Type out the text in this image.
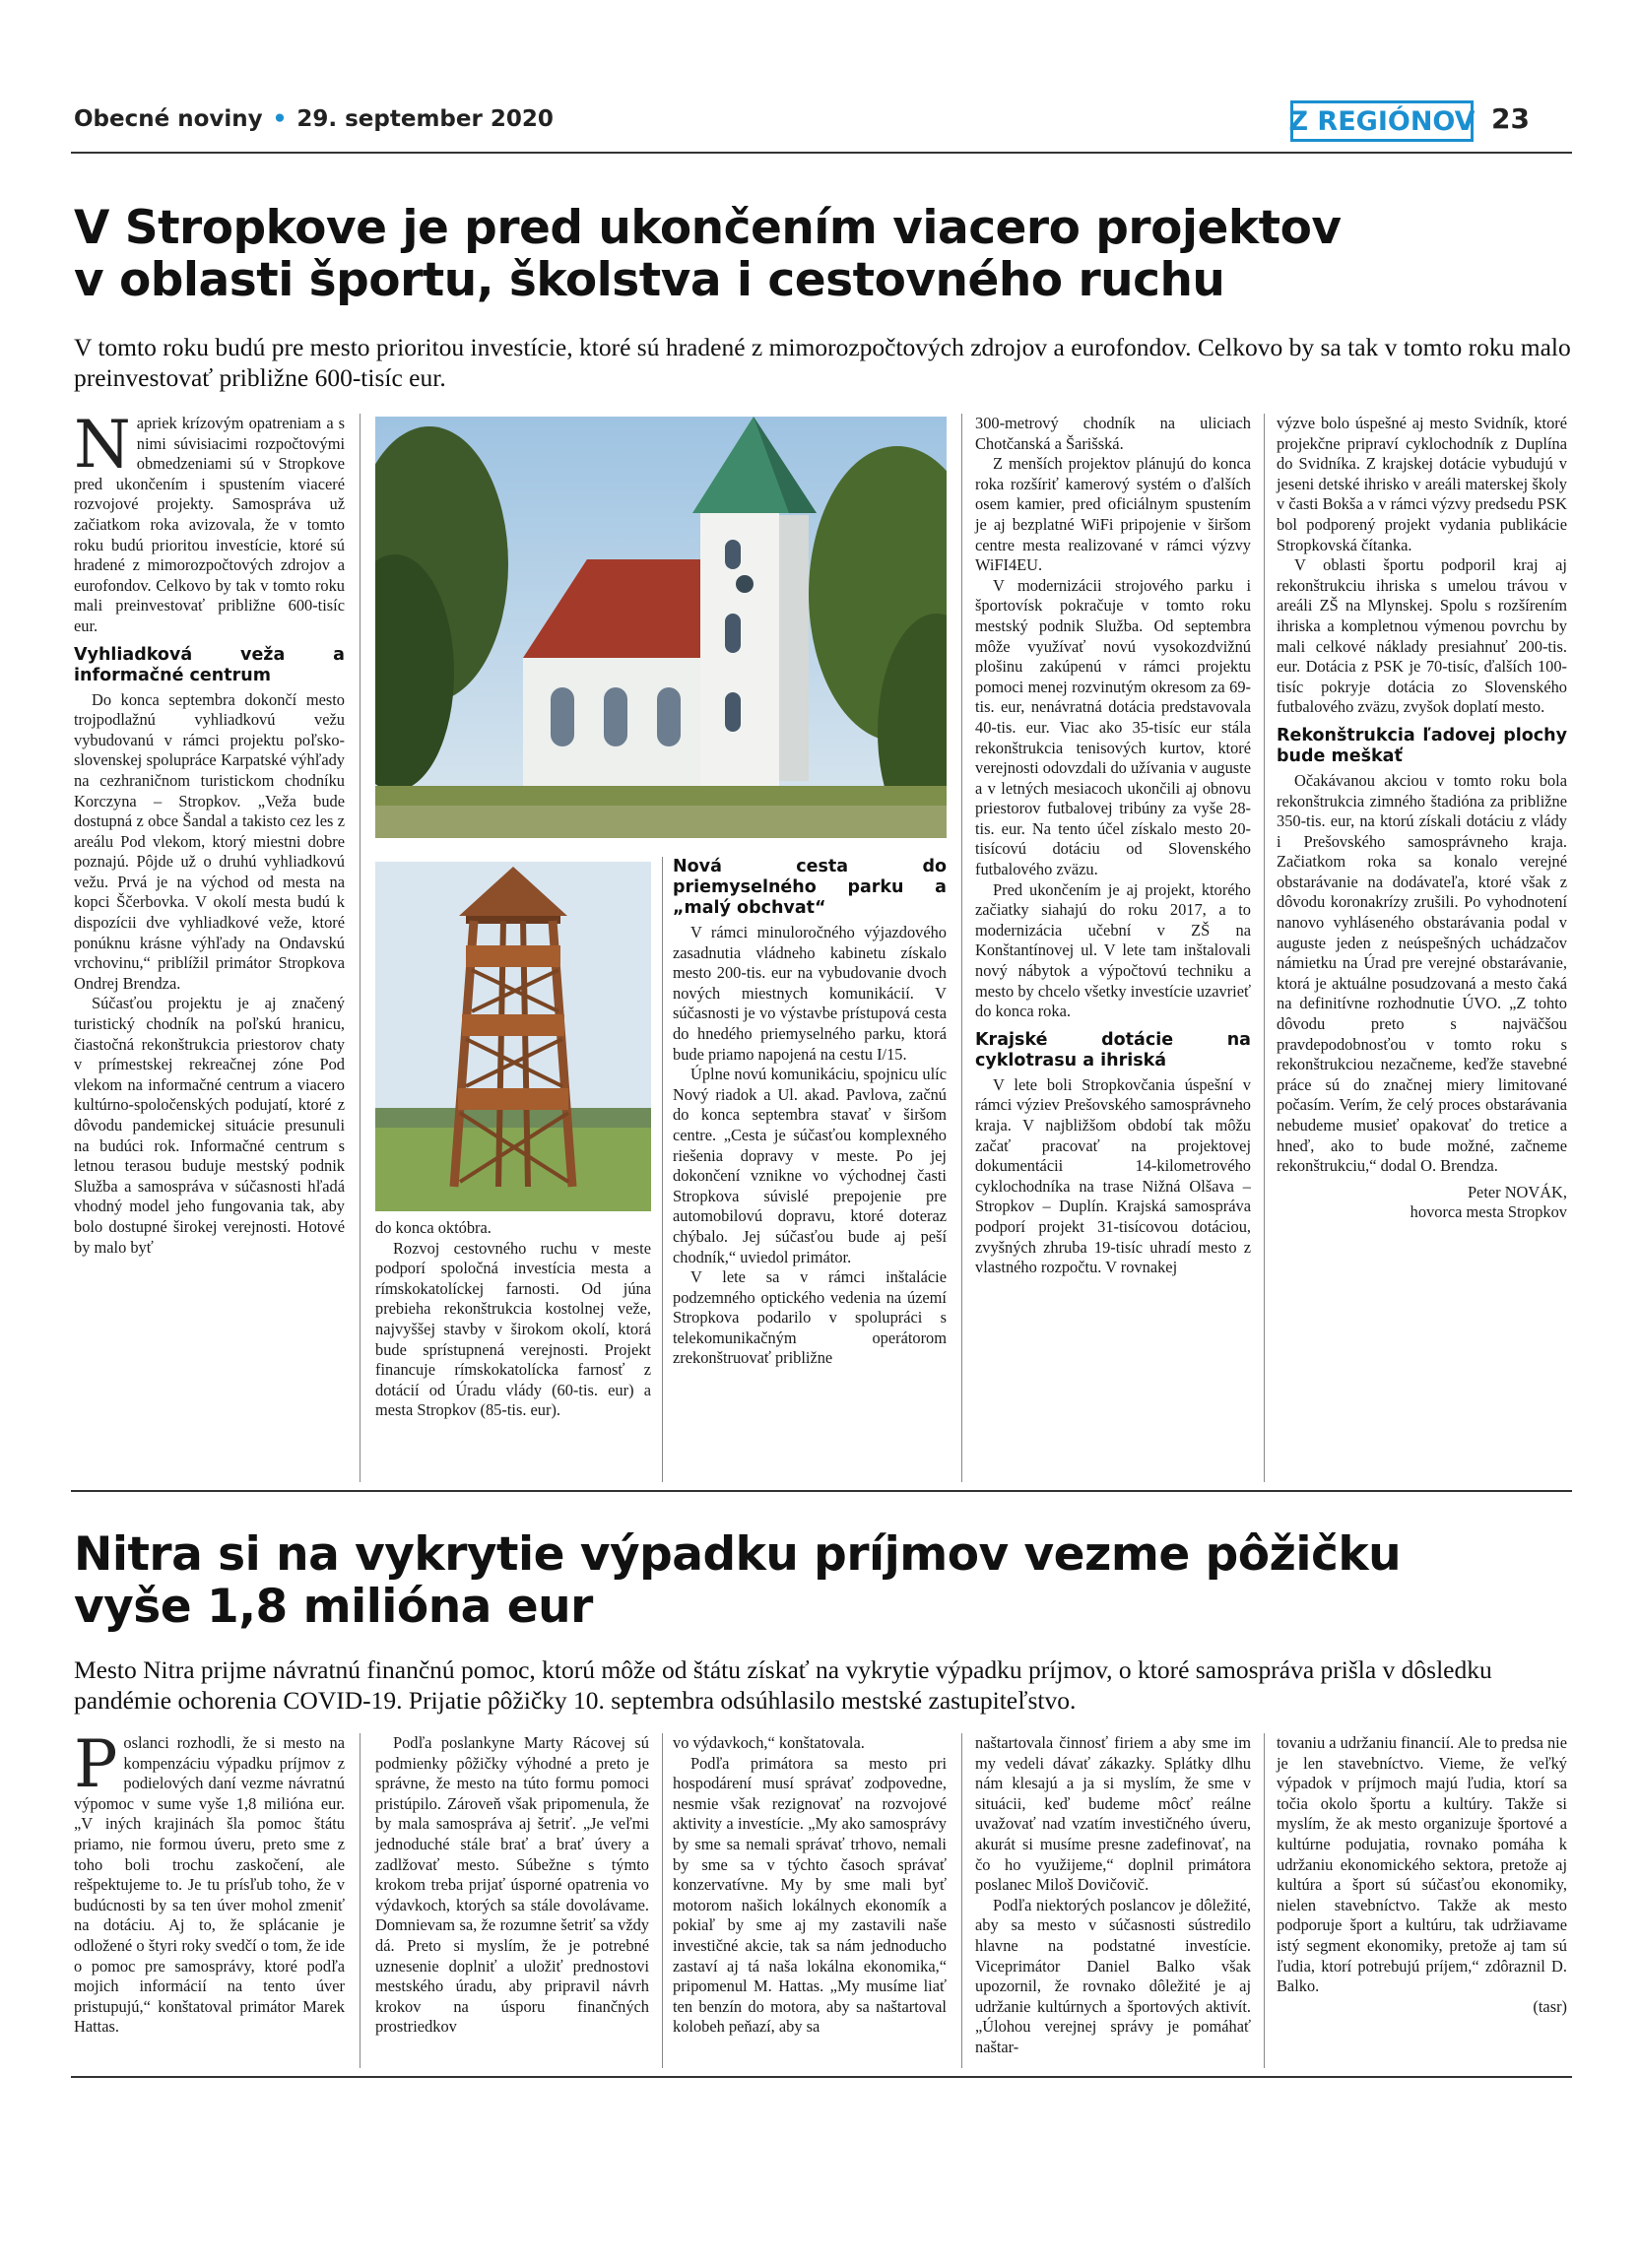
Obecné noviny • 29. september 2020	Z REGIÓNOV 23
V Stropkove je pred ukončením viacero projektov
v oblasti športu, školstva i cestovného ruchu
V tomto roku budú pre mesto prioritou investície, ktoré sú hradené z mimorozpočtových zdrojov a eurofondov. Celkovo by sa tak v tomto roku malo preinvestovať približne 600-tisíc eur.

Napriek krízovým opatreniam a s nimi súvisiacimi rozpočtovými obmedzeniami sú v Stropkove pred ukončením i spustením viaceré rozvojové projekty. Samospráva už začiatkom roka avizovala, že v tomto roku budú prioritou investície, ktoré sú hradené z mimorozpočtových zdrojov a eurofondov. Celkovo by tak v tomto roku mali preinvestovať približne 600-tisíc eur.

Vyhliadková veža a informačné centrum

Do konca septembra dokončí mesto trojpodlažnú vyhliadkovú vežu vybudovanú v rámci projektu poľsko-slovenskej spolupráce Karpatské výhľady na cezhraničnom turistickom chodníku Korczyna – Stropkov. „Veža bude dostupná z obce Šandal a takisto cez les z areálu Pod vlekom, ktorý miestni dobre poznajú. Pôjde už o druhú vyhliadkovú vežu. Prvá je na východ od mesta na kopci Ščerbovka. V okolí mesta budú k dispozícii dve vyhliadkové veže, ktoré ponúknu krásne výhľady na Ondavskú vrchovinu,“ priblížil primátor Stropkova Ondrej Brendza.

Súčasťou projektu je aj značený turistický chodník na poľskú hranicu, čiastočná rekonštrukcia priestorov chaty v prímestskej rekreačnej zóne Pod vlekom na informačné centrum a viacero kultúrno-spoločenských podujatí, ktoré z dôvodu pandemickej situácie presunuli na budúci rok. Informačné centrum s letnou terasou buduje mestský podnik Služba a samospráva v súčasnosti hľadá vhodný model jeho fungovania tak, aby bolo dostupné širokej verejnosti. Hotové by malo byť

do konca októbra.

Rozvoj cestovného ruchu v meste podporí spoločná investícia mesta a rímskokatolíckej farnosti. Od júna prebieha rekonštrukcia kostolnej veže, najvyššej stavby v širokom okolí, ktorá bude sprístupnená verejnosti. Projekt financuje rímskokatolícka farnosť z dotácií od Úradu vlády (60-tis. eur) a mesta Stropkov (85-tis. eur).

Nová cesta do priemyselného parku a „malý obchvat“

V rámci minuloročného výjazdového zasadnutia vládneho kabinetu získalo mesto 200-tis. eur na vybudovanie dvoch nových miestnych komunikácií. V súčasnosti je vo výstavbe prístupová cesta do hnedého priemyselného parku, ktorá bude priamo napojená na cestu I/15.

Úplne novú komunikáciu, spojnicu ulíc Nový riadok a Ul. akad. Pavlova, začnú do konca septembra stavať v širšom centre. „Cesta je súčasťou komplexného riešenia dopravy v meste. Po jej dokončení vznikne vo východnej časti Stropkova súvislé prepojenie pre automobilovú dopravu, ktoré doteraz chýbalo. Jej súčasťou bude aj peší chodník,“ uviedol primátor.

V lete sa v rámci inštalácie podzemného optického vedenia na území Stropkova podarilo v spolupráci s telekomunikačným operátorom zrekonštruovať približne

300-metrový chodník na uliciach Chotčanská a Šarišská.

Z menších projektov plánujú do konca roka rozšíriť kamerový systém o ďalších osem kamier, pred oficiálnym spustením je aj bezplatné WiFi pripojenie v širšom centre mesta realizované v rámci výzvy WiFI4EU.

V modernizácii strojového parku i športovísk pokračuje v tomto roku mestský podnik Služba. Od septembra môže využívať novú vysokozdvižnú plošinu zakúpenú v rámci projektu pomoci menej rozvinutým okresom za 69-tis. eur, nenávratná dotácia predstavovala 40-tis. eur. Viac ako 35-tisíc eur stála rekonštrukcia tenisových kurtov, ktoré verejnosti odovzdali do užívania v auguste a v letných mesiacoch ukončili aj obnovu priestorov futbalovej tribúny za vyše 28-tis. eur. Na tento účel získalo mesto 20-tisícovú dotáciu od Slovenského futbalového zväzu.

Pred ukončením je aj projekt, ktorého začiatky siahajú do roku 2017, a to modernizácia učební v ZŠ na Konštantínovej ul. V lete tam inštalovali nový nábytok a výpočtovú techniku a mesto by chcelo všetky investície uzavrieť do konca roka.

Krajské dotácie na cyklotrasu a ihriská

V lete boli Stropkovčania úspešní v rámci výziev Prešovského samosprávneho kraja. V najbližšom období tak môžu začať pracovať na projektovej dokumentácii 14-kilometrového cyklochodníka na trase Nižná Olšava – Stropkov – Duplín. Krajská samospráva podporí projekt 31-tisícovou dotáciou, zvyšných zhruba 19-tisíc uhradí mesto z vlastného rozpočtu. V rovnakej

výzve bolo úspešné aj mesto Svidník, ktoré projekčne pripraví cyklochodník z Duplína do Svidníka. Z krajskej dotácie vybudujú v jeseni detské ihrisko v areáli materskej školy v časti Bokša a v rámci výzvy predsedu PSK bol podporený projekt vydania publikácie Stropkovská čítanka.

V oblasti športu podporil kraj aj rekonštrukciu ihriska s umelou trávou v areáli ZŠ na Mlynskej. Spolu s rozšírením ihriska a kompletnou výmenou povrchu by mali celkové náklady presiahnuť 200-tis. eur. Dotácia z PSK je 70-tisíc, ďalších 100-tisíc pokryje dotácia zo Slovenského futbalového zväzu, zvyšok doplatí mesto.

Rekonštrukcia ľadovej plochy bude meškať

Očakávanou akciou v tomto roku bola rekonštrukcia zimného štadióna za približne 350-tis. eur, na ktorú získali dotáciu z vlády i Prešovského samosprávneho kraja. Začiatkom roka sa konalo verejné obstarávanie na dodávateľa, ktoré však z dôvodu koronakrízy zrušili. Po vyhodnotení nanovo vyhláseného obstarávania podal v auguste jeden z neúspešných uchádzačov námietku na Úrad pre verejné obstarávanie, ktorá je aktuálne posudzovaná a mesto čaká na definitívne rozhodnutie ÚVO. „Z tohto dôvodu preto s najväčšou pravdepodobnosťou v tomto roku s rekonštrukciou nezačneme, keďže stavebné práce sú do značnej miery limitované počasím. Verím, že celý proces obstarávania nebudeme musieť opakovať do tretice a hneď, ako to bude možné, začneme rekonštrukciu,“ dodal O. Brendza.

Peter NOVÁK,
hovorca mesta Stropkov
Nitra si na vykrytie výpadku príjmov vezme pôžičku
vyše 1,8 milióna eur
Mesto Nitra prijme návratnú finančnú pomoc, ktorú môže od štátu získať na vykrytie výpadku príjmov, o ktoré samospráva prišla v dôsledku pandémie ochorenia COVID-19. Prijatie pôžičky 10. septembra odsúhlasilo mestské zastupiteľstvo.

Poslanci rozhodli, že si mesto na kompenzáciu výpadku príjmov z podielových daní vezme návratnú výpomoc v sume vyše 1,8 milióna eur. „V iných krajinách šla pomoc štátu priamo, nie formou úveru, preto sme z toho boli trochu zaskočení, ale rešpektujeme to. Je tu prísľub toho, že v budúcnosti by sa ten úver mohol zmeniť na dotáciu. Aj to, že splácanie je odložené o štyri roky svedčí o tom, že ide o pomoc pre samosprávy, ktoré podľa mojich informácií na tento úver pristupujú,“ konštatoval primátor Marek Hattas.

Podľa poslankyne Marty Rácovej sú podmienky pôžičky výhodné a preto je správne, že mesto na túto formu pomoci pristúpilo. Zároveň však pripomenula, že by mala samospráva aj šetriť. „Je veľmi jednoduché stále brať a brať úvery a zadlžovať mesto. Súbežne s týmto krokom treba prijať úsporné opatrenia vo výdavkoch, ktorých sa stále dovolávame. Domnievam sa, že rozumne šetriť sa vždy dá. Preto si myslím, že je potrebné uznesenie doplniť a uložiť prednostovi mestského úradu, aby pripravil návrh krokov na úsporu finančných prostriedkov

vo výdavkoch,“ konštatovala.

Podľa primátora sa mesto pri hospodárení musí správať zodpovedne, nesmie však rezignovať na rozvojové aktivity a investície. „My ako samosprávy by sme sa nemali správať trhovo, nemali by sme sa v týchto časoch správať konzervatívne. My by sme mali byť motorom našich lokálnych ekonomík a pokiaľ by sme aj my zastavili naše investičné akcie, tak sa nám jednoducho zastaví aj tá naša lokálna ekonomika,“ pripomenul M. Hattas. „My musíme liať ten benzín do motora, aby sa naštartoval kolobeh peňazí, aby sa

naštartovala činnosť firiem a aby sme im my vedeli dávať zákazky. Splátky dlhu nám klesajú a ja si myslím, že sme v situácii, keď budeme môcť reálne uvažovať nad vzatím investičného úveru, akurát si musíme presne zadefinovať, na čo ho využijeme,“ doplnil primátora poslanec Miloš Dovičovič.

Podľa niektorých poslancov je dôležité, aby sa mesto v súčasnosti sústredilo hlavne na podstatné investície. Viceprimátor Daniel Balko však upozornil, že rovnako dôležité je aj udržanie kultúrnych a športových aktivít. „Úlohou verejnej správy je pomáhať naštar-

tovaniu a udržaniu financií. Ale to predsa nie je len stavebníctvo. Vieme, že veľký výpadok v príjmoch majú ľudia, ktorí sa točia okolo športu a kultúry. Takže si myslím, že ak mesto organizuje športové a kultúrne podujatia, rovnako pomáha k udržaniu ekonomického sektora, pretože aj kultúra a šport sú súčasťou ekonomiky, nielen stavebníctvo. Takže ak mesto podporuje šport a kultúru, tak udržiavame istý segment ekonomiky, pretože aj tam sú ľudia, ktorí potrebujú príjem,“ zdôraznil D. Balko.

(tasr)
